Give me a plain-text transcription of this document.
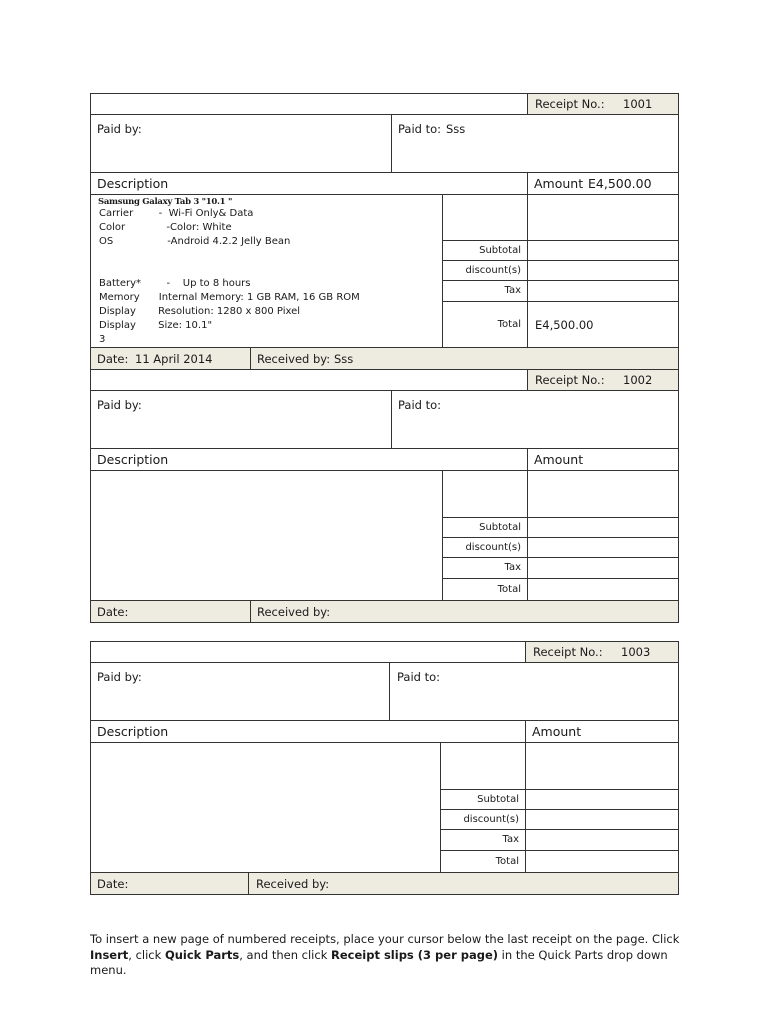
Receipt No.: 1001
Paid by:	Paid to: Sss
Description	Amount E4,500.00
Samsung Galaxy Tab 3 "10.1 "
Carrier        -  Wi-Fi Only& Data
Color             -Color: White
OS                 -Android 4.2.2 Jelly Bean
Battery*        -    Up to 8 hours
Memory      Internal Memory: 1 GB RAM, 16 GB ROM
Display       Resolution: 1280 x 800 Pixel
Display       Size: 10.1"
3
Subtotal
discount(s)
Tax
Total E4,500.00
Date: 11 April 2014	Received by: Sss
Receipt No.: 1002
Paid by:	Paid to:
Description	Amount
Subtotal
discount(s)
Tax
Total
Date:	Received by:
Receipt No.: 1003
Paid by:	Paid to:
Description	Amount
Subtotal
discount(s)
Tax
Total
Date:	Received by:
To insert a new page of numbered receipts, place your cursor below the last receipt on the page. Click Insert, click Quick Parts, and then click Receipt slips (3 per page) in the Quick Parts drop down menu.
